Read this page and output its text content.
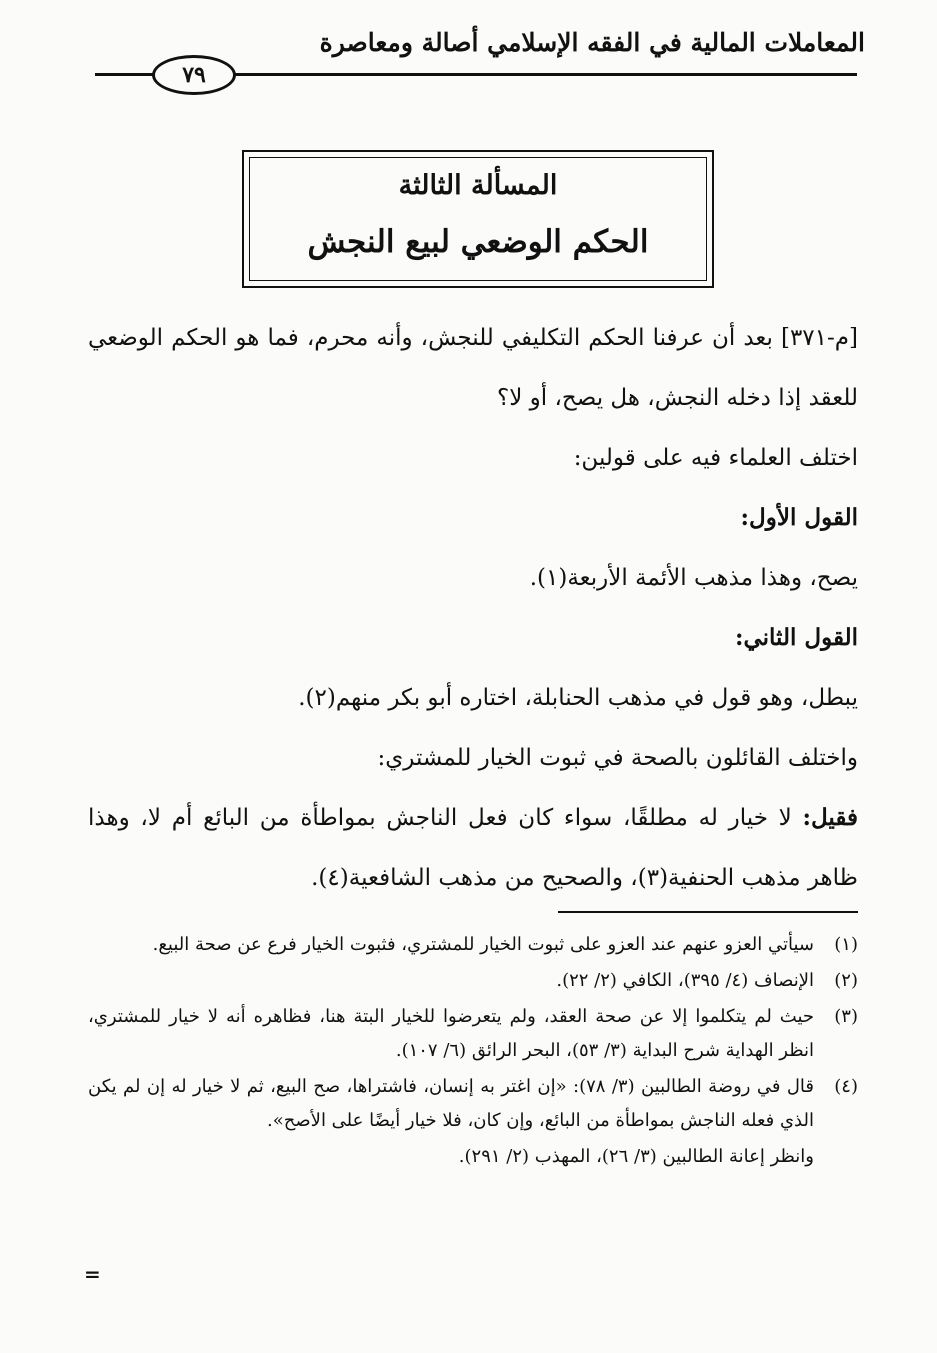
المعاملات المالية في الفقه الإسلامي أصالة ومعاصرة
٧٩
المسألة الثالثة
الحكم الوضعي لبيع النجش

[م-٣٧١] بعد أن عرفنا الحكم التكليفي للنجش، وأنه محرم، فما هو الحكم الوضعي للعقد إذا دخله النجش، هل يصح، أو لا؟

اختلف العلماء فيه على قولين:

القول الأول:

يصح، وهذا مذهب الأئمة الأربعة(١).

القول الثاني:

يبطل، وهو قول في مذهب الحنابلة، اختاره أبو بكر منهم(٢).

واختلف القائلون بالصحة في ثبوت الخيار للمشتري:

فقيل: لا خيار له مطلقًا، سواء كان فعل الناجش بمواطأة من البائع أم لا، وهذا ظاهر مذهب الحنفية(٣)، والصحيح من مذهب الشافعية(٤).

(١)
سيأتي العزو عنهم عند العزو على ثبوت الخيار للمشتري، فثبوت الخيار فرع عن صحة البيع.
(٢)
الإنصاف (٤/ ٣٩٥)، الكافي (٢/ ٢٢).
(٣)
حيث لم يتكلموا إلا عن صحة العقد، ولم يتعرضوا للخيار البتة هنا، فظاهره أنه لا خيار للمشتري، انظر الهداية شرح البداية (٣/ ٥٣)، البحر الرائق (٦/ ١٠٧).
(٤)
قال في روضة الطالبين (٣/ ٧٨): «إن اغتر به إنسان، فاشتراها، صح البيع، ثم لا خيار له إن لم يكن الذي فعله الناجش بمواطأة من البائع، وإن كان، فلا خيار أيضًا على الأصح».
وانظر إعانة الطالبين (٣/ ٢٦)، المهذب (٢/ ٢٩١).
=
